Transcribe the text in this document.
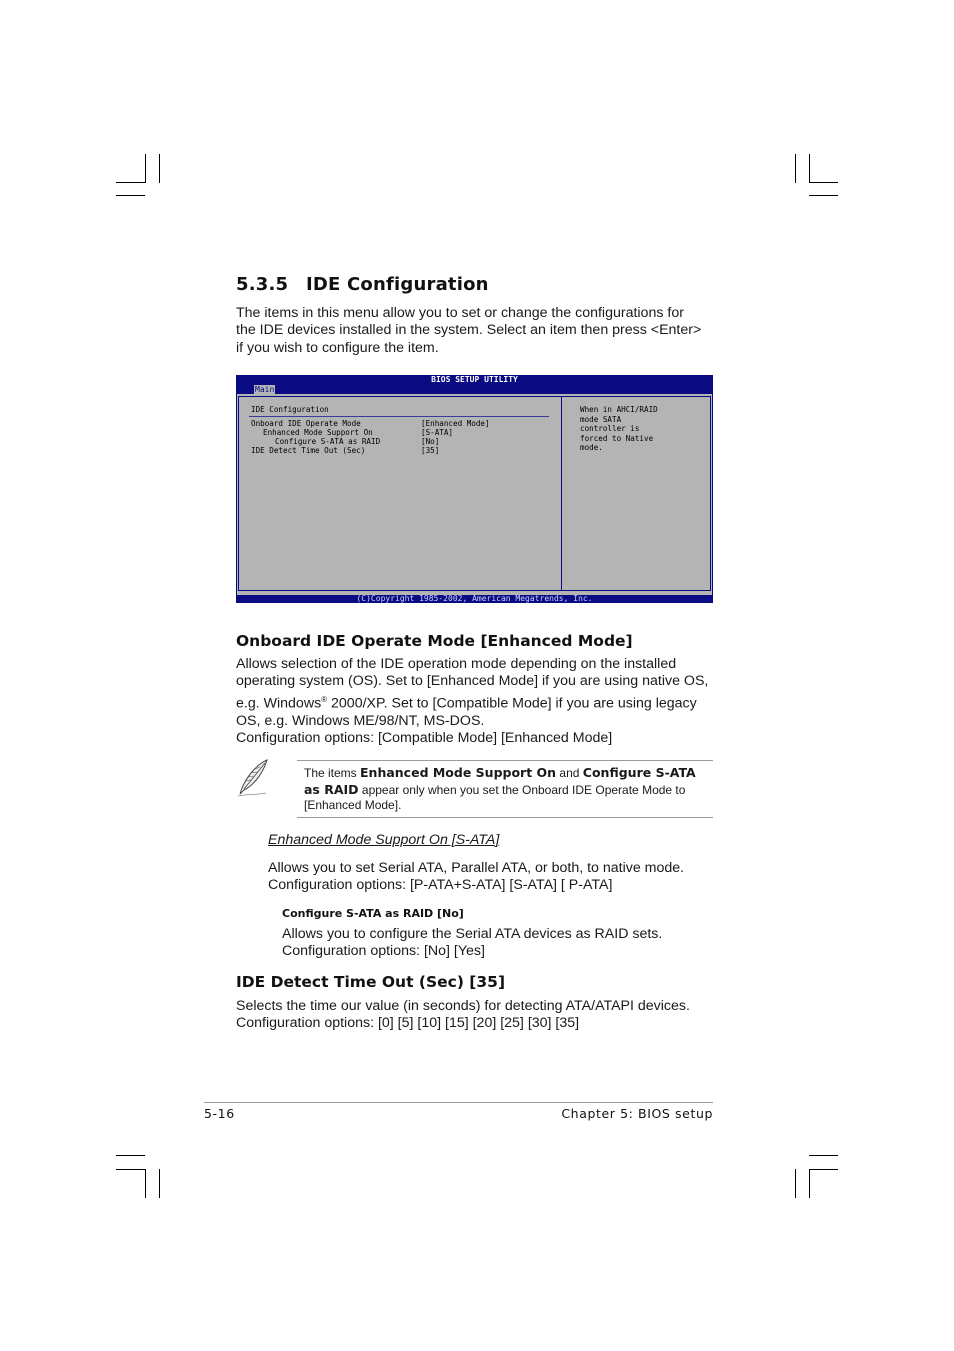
5.3.5 IDE Configuration

The items in this menu allow you to set or change the configurations for
the IDE devices installed in the system. Select an item then press <Enter>
if you wish to configure the item.

BIOS SETUP UTILITY
Main
IDE Configuration
Onboard IDE Operate Mode	[Enhanced Mode]
Enhanced Mode Support On	[S-ATA]
Configure S-ATA as RAID	[No]
IDE Detect Time Out (Sec)	[35]
When in AHCI/RAID
mode SATA
controller is
forced to Native
mode.
(C)Copyright 1985-2002, American Megatrends, Inc.
Onboard IDE Operate Mode [Enhanced Mode]

Allows selection of the IDE operation mode depending on the installed
operating system (OS). Set to [Enhanced Mode] if you are using native OS,
e.g. Windows® 2000/XP. Set to [Compatible Mode] if you are using legacy
OS, e.g. Windows ME/98/NT, MS-DOS.
Configuration options: [Compatible Mode] [Enhanced Mode]

The items Enhanced Mode Support On and Configure S-ATA
as RAID appear only when you set the Onboard IDE Operate Mode to
[Enhanced Mode].

Enhanced Mode Support On [S-ATA]

Allows you to set Serial ATA, Parallel ATA, or both, to native mode.
Configuration options: [P-ATA+S-ATA] [S-ATA] [ P-ATA]

Configure S-ATA as RAID [No]

Allows you to configure the Serial ATA devices as RAID sets.
Configuration options: [No] [Yes]

IDE Detect Time Out (Sec) [35]

Selects the time our value (in seconds) for detecting ATA/ATAPI devices.
Configuration options: [0] [5] [10] [15] [20] [25] [30] [35]

5-16	Chapter 5: BIOS setup
